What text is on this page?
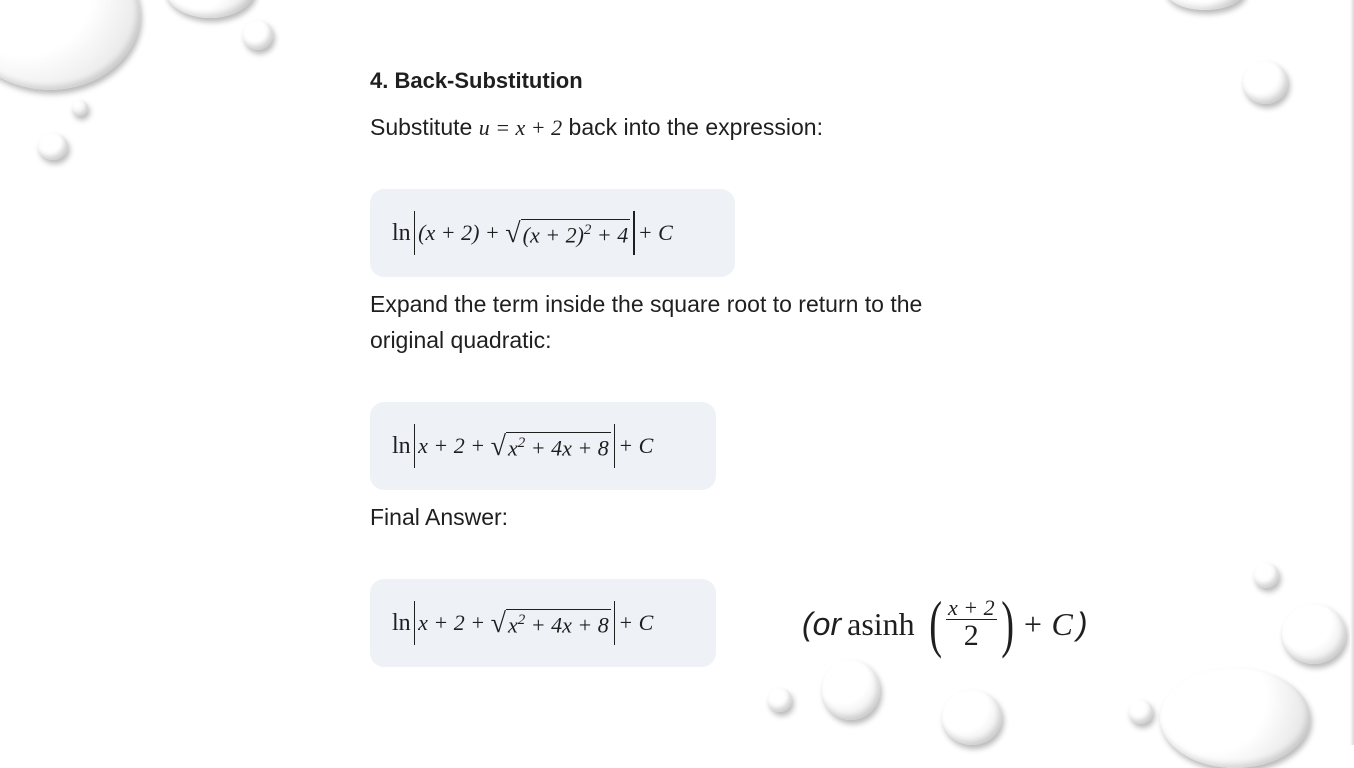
4. Back-Substitution
Substitute u = x + 2 back into the expression:
ln (x + 2) + √ $(x + 2)^2 + 4 + C$
Expand the term inside the square root to return to the original quadratic:
ln x + 2 + √ $x^2 + 4x + 8 + C$
Final Answer:
ln x + 2 + √ $x^2 + 4x + 8 + C$	(or asinh ( $\frac{x + 2}{2}$ ) + C )
